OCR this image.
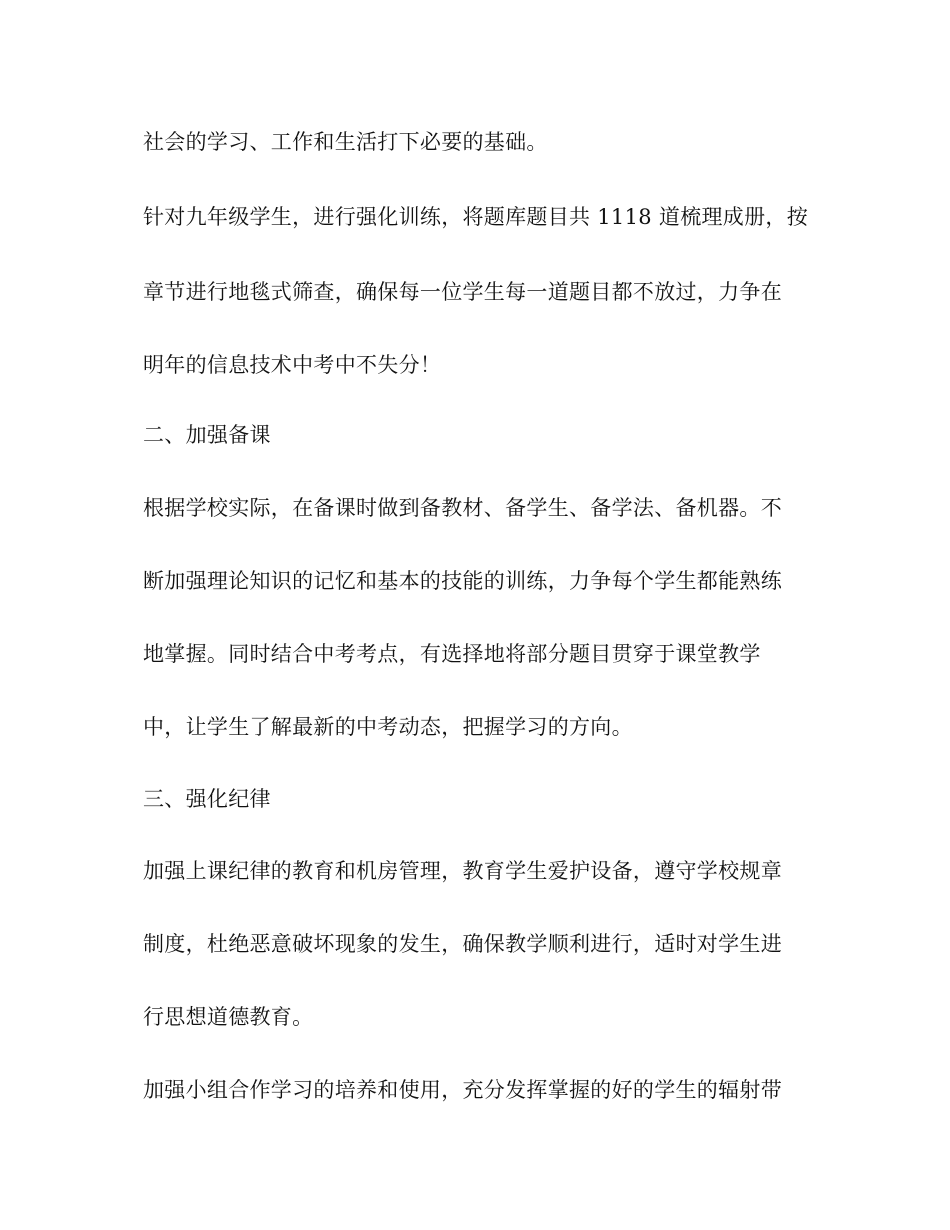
社会的学习、工作和生活打下必要的基础。

针对九年级学生，进行强化训练，将题库题目共 1118 道梳理成册，按

章节进行地毯式筛查，确保每一位学生每一道题目都不放过，力争在

明年的信息技术中考中不失分！

二、加强备课

根据学校实际，在备课时做到备教材、备学生、备学法、备机器。不

断加强理论知识的记忆和基本的技能的训练，力争每个学生都能熟练

地掌握。同时结合中考考点，有选择地将部分题目贯穿于课堂教学

中，让学生了解最新的中考动态，把握学习的方向。

三、强化纪律

加强上课纪律的教育和机房管理，教育学生爱护设备，遵守学校规章

制度，杜绝恶意破坏现象的发生，确保教学顺利进行，适时对学生进

行思想道德教育。

加强小组合作学习的培养和使用，充分发挥掌握的好的学生的辐射带
